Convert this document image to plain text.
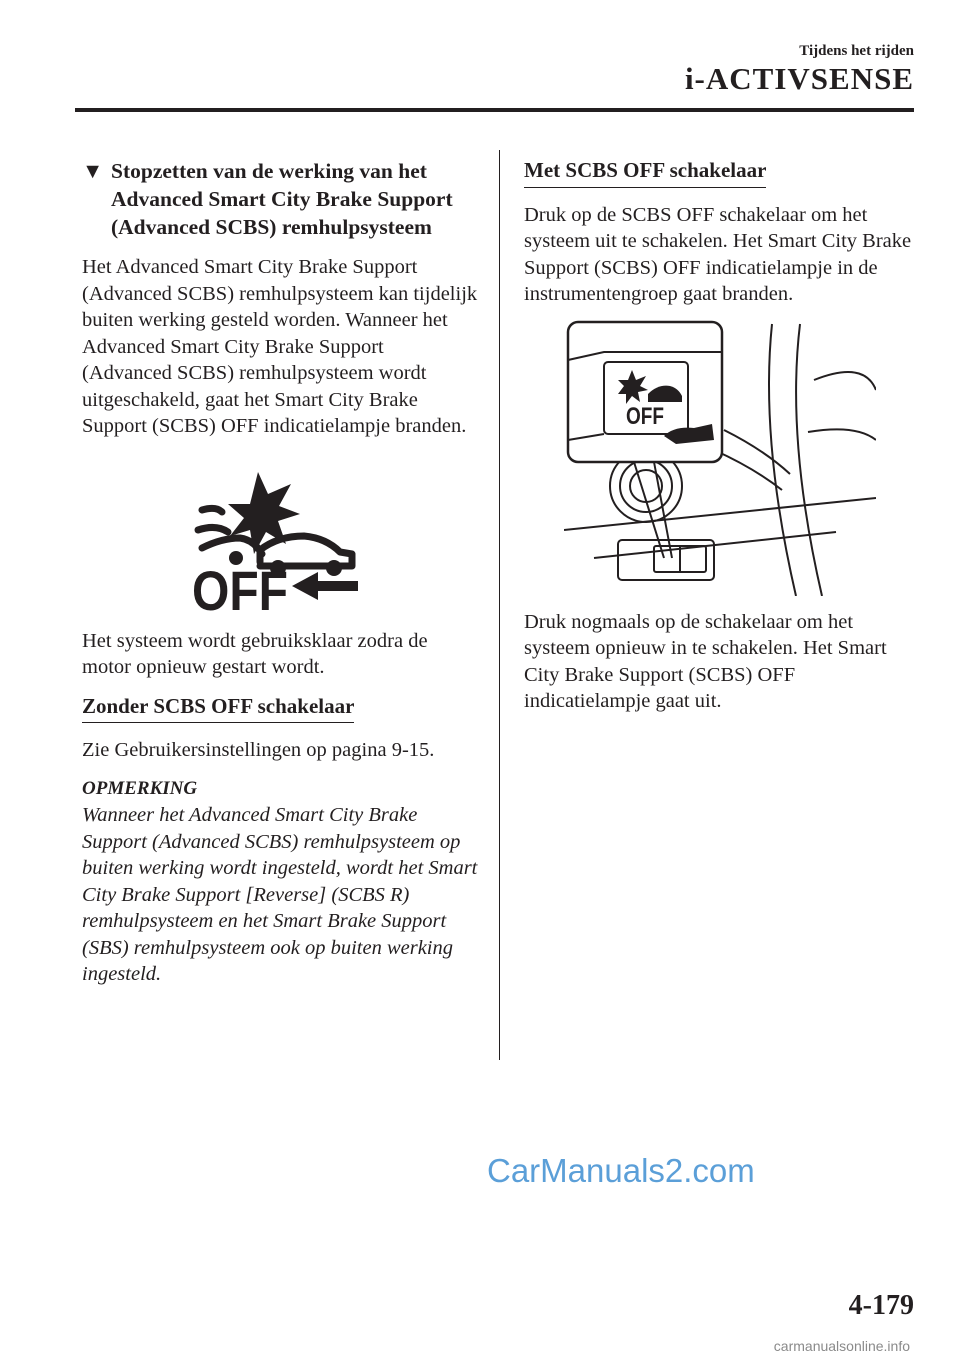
Tijdens het rijden
i-ACTIVSENSE
▼ Stopzetten van de werking van het Advanced Smart City Brake Support (Advanced SCBS) remhulpsysteem

Het Advanced Smart City Brake Support (Advanced SCBS) remhulpsysteem kan tijdelijk buiten werking gesteld worden. Wanneer het Advanced Smart City Brake Support (Advanced SCBS) remhulpsysteem wordt uitgeschakeld, gaat het Smart City Brake Support (SCBS) OFF indicatielampje branden.

OFF

Het systeem wordt gebruiksklaar zodra de motor opnieuw gestart wordt.

Zonder SCBS OFF schakelaar

Zie Gebruikersinstellingen op pagina 9-15.

OPMERKING

Wanneer het Advanced Smart City Brake Support (Advanced SCBS) remhulpsysteem op buiten werking wordt ingesteld, wordt het Smart City Brake Support [Reverse] (SCBS R) remhulpsysteem en het Smart Brake Support (SBS) remhulpsysteem ook op buiten werking ingesteld.

Met SCBS OFF schakelaar

Druk op de SCBS OFF schakelaar om het systeem uit te schakelen. Het Smart City Brake Support (SCBS) OFF indicatielampje in de instrumentengroep gaat branden.

OFF

Druk nogmaals op de schakelaar om het systeem opnieuw in te schakelen. Het Smart City Brake Support (SCBS) OFF indicatielampje gaat uit.

CarManuals2.com
4-179
carmanualsonline.info
